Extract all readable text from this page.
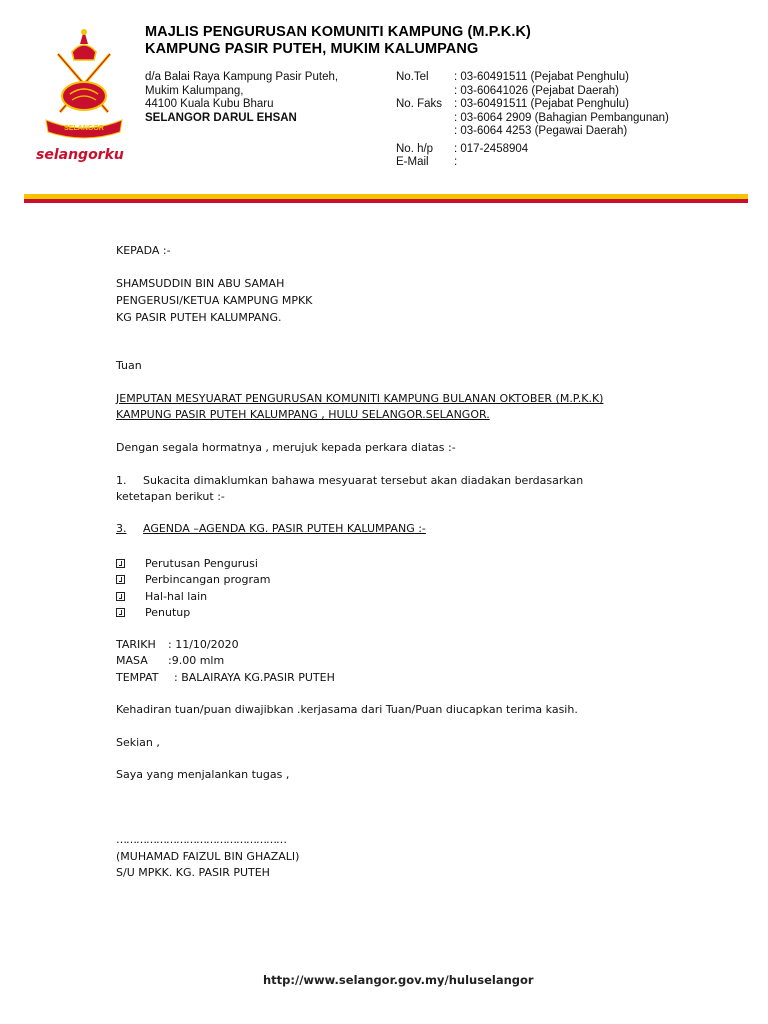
SELANGOR
selangorku
MAJLIS PENGURUSAN KOMUNITI KAMPUNG (M.P.K.K)
KAMPUNG PASIR PUTEH, MUKIM KALUMPANG
d/a Balai Raya Kampung Pasir Puteh,
Mukim Kalumpang,
44100 Kuala Kubu Bharu
SELANGOR DARUL EHSAN
No.Tel : 03-60491511 (Pejabat Penghulu)
: 03-60641026 (Pejabat Daerah)
No. Faks : 03-60491511 (Pejabat Penghulu)
: 03-6064 2909 (Bahagian Pembangunan)
: 03-6064 4253 (Pegawai Daerah)
No. h/p : 017-2458904
E-Mail :
KEPADA :-
SHAMSUDDIN BIN ABU SAMAH
PENGERUSI/KETUA KAMPUNG MPKK
KG PASIR PUTEH KALUMPANG.
Tuan
JEMPUTAN MESYUARAT PENGURUSAN KOMUNITI KAMPUNG BULANAN OKTOBER (M.P.K.K)
KAMPUNG PASIR PUTEH KALUMPANG , HULU SELANGOR.SELANGOR.
Dengan segala hormatnya , merujuk kepada perkara diatas :-
1. Sukacita dimaklumkan bahawa mesyuarat tersebut akan diadakan berdasarkan
ketetapan berikut :-
3. AGENDA –AGENDA KG. PASIR PUTEH KALUMPANG :-
Perutusan Pengurusi
Perbincangan program
Hal-hal lain
Penutup
TARIKH : 11/10/2020
MASA :9.00 mlm
TEMPAT : BALAIRAYA KG.PASIR PUTEH
Kehadiran tuan/puan diwajibkan .kerjasama dari Tuan/Puan diucapkan terima kasih.
Sekian ,
Saya yang menjalankan tugas ,
……………………………………………
(MUHAMAD FAIZUL BIN GHAZALI)
S/U MPKK. KG. PASIR PUTEH
http://www.selangor.gov.my/huluselangor
